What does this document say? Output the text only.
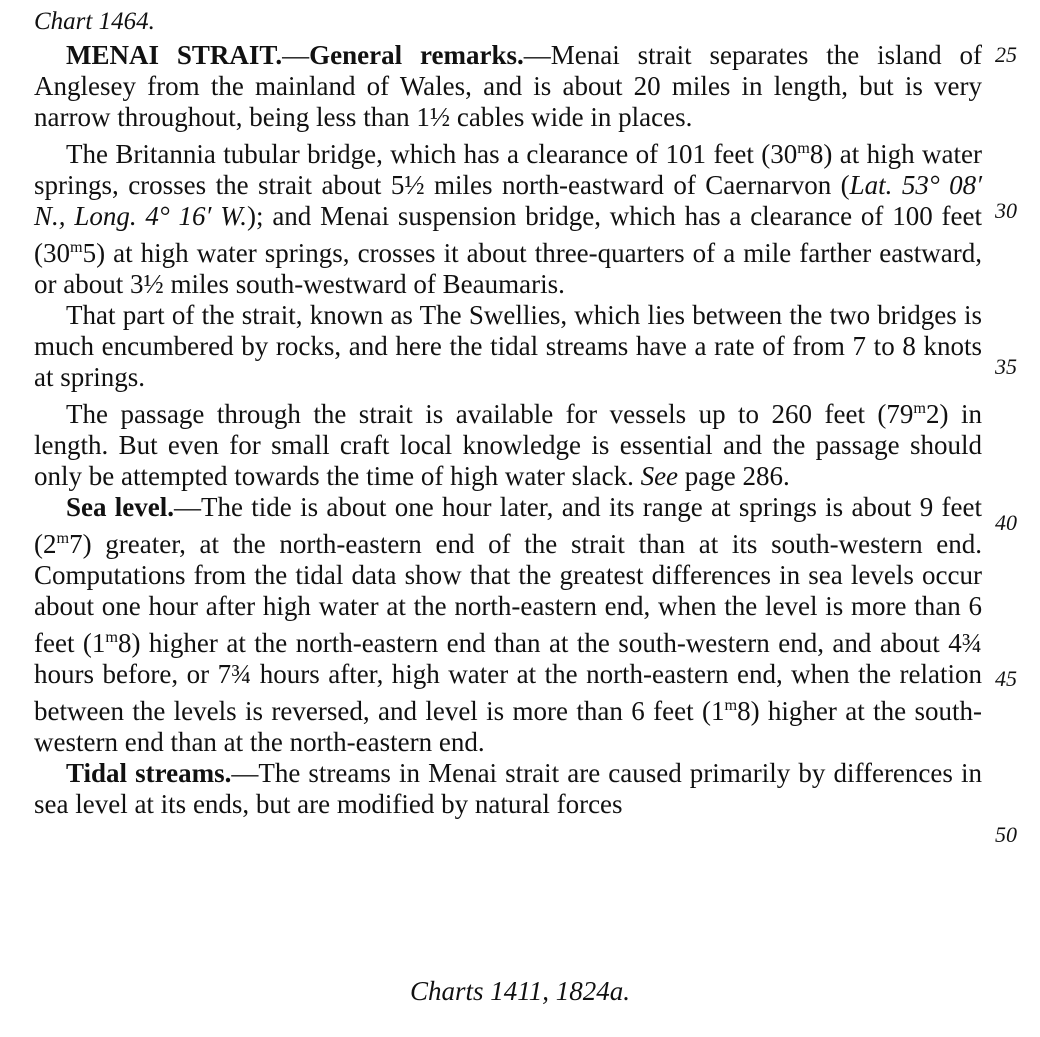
Chart 1464.

MENAI STRAIT.—General remarks.—Menai strait separates the island of Anglesey from the mainland of Wales, and is about 20 miles in length, but is very narrow throughout, being less than 1½ cables wide in places.

The Britannia tubular bridge, which has a clearance of 101 feet (30$^m$8) at high water springs, crosses the strait about 5½ miles north-eastward of Caernarvon (Lat. 53° 08′ N., Long. 4° 16′ W.); and Menai suspension bridge, which has a clearance of 100 feet (30$^m$5) at high water springs, crosses it about three-quarters of a mile farther eastward, or about 3½ miles south-westward of Beaumaris.

That part of the strait, known as The Swellies, which lies between the two bridges is much encumbered by rocks, and here the tidal streams have a rate of from 7 to 8 knots at springs.

The passage through the strait is available for vessels up to 260 feet (79$^m$2) in length. But even for small craft local knowledge is essential and the passage should only be attempted towards the time of high water slack. See page 286.

Sea level.—The tide is about one hour later, and its range at springs is about 9 feet (2$^m$7) greater, at the north-eastern end of the strait than at its south-western end. Computations from the tidal data show that the greatest differences in sea levels occur about one hour after high water at the north-eastern end, when the level is more than 6 feet (1$^m$8) higher at the north-eastern end than at the south-western end, and about 4¾ hours before, or 7¾ hours after, high water at the north-eastern end, when the relation between the levels is reversed, and level is more than 6 feet (1$^m$8) higher at the south-western end than at the north-eastern end.

Tidal streams.—The streams in Menai strait are caused primarily by differences in sea level at its ends, but are modified by natural forces

25
30
35
40
45
50
Charts 1411, 1824a.
